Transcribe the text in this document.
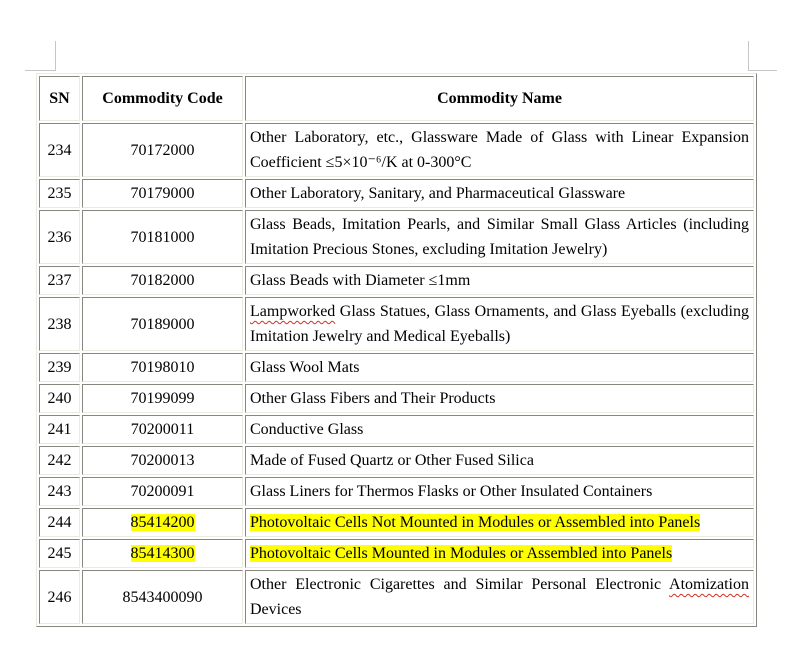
SN	Commodity Code	Commodity Name
234	70172000	Other Laboratory, etc., Glassware Made of Glass with Linear Expansion Coefficient ≤5×10⁻⁶/K at 0-300°C
235	70179000	Other Laboratory, Sanitary, and Pharmaceutical Glassware
236	70181000	Glass Beads, Imitation Pearls, and Similar Small Glass Articles (including Imitation Precious Stones, excluding Imitation Jewelry)
237	70182000	Glass Beads with Diameter ≤1mm
238	70189000	Lampworked Glass Statues, Glass Ornaments, and Glass Eyeballs (excluding Imitation Jewelry and Medical Eyeballs)
239	70198010	Glass Wool Mats
240	70199099	Other Glass Fibers and Their Products
241	70200011	Conductive Glass
242	70200013	Made of Fused Quartz or Other Fused Silica
243	70200091	Glass Liners for Thermos Flasks or Other Insulated Containers
244	85414200	Photovoltaic Cells Not Mounted in Modules or Assembled into Panels
245	85414300	Photovoltaic Cells Mounted in Modules or Assembled into Panels
246	8543400090	Other Electronic Cigarettes and Similar Personal Electronic Atomization Devices
